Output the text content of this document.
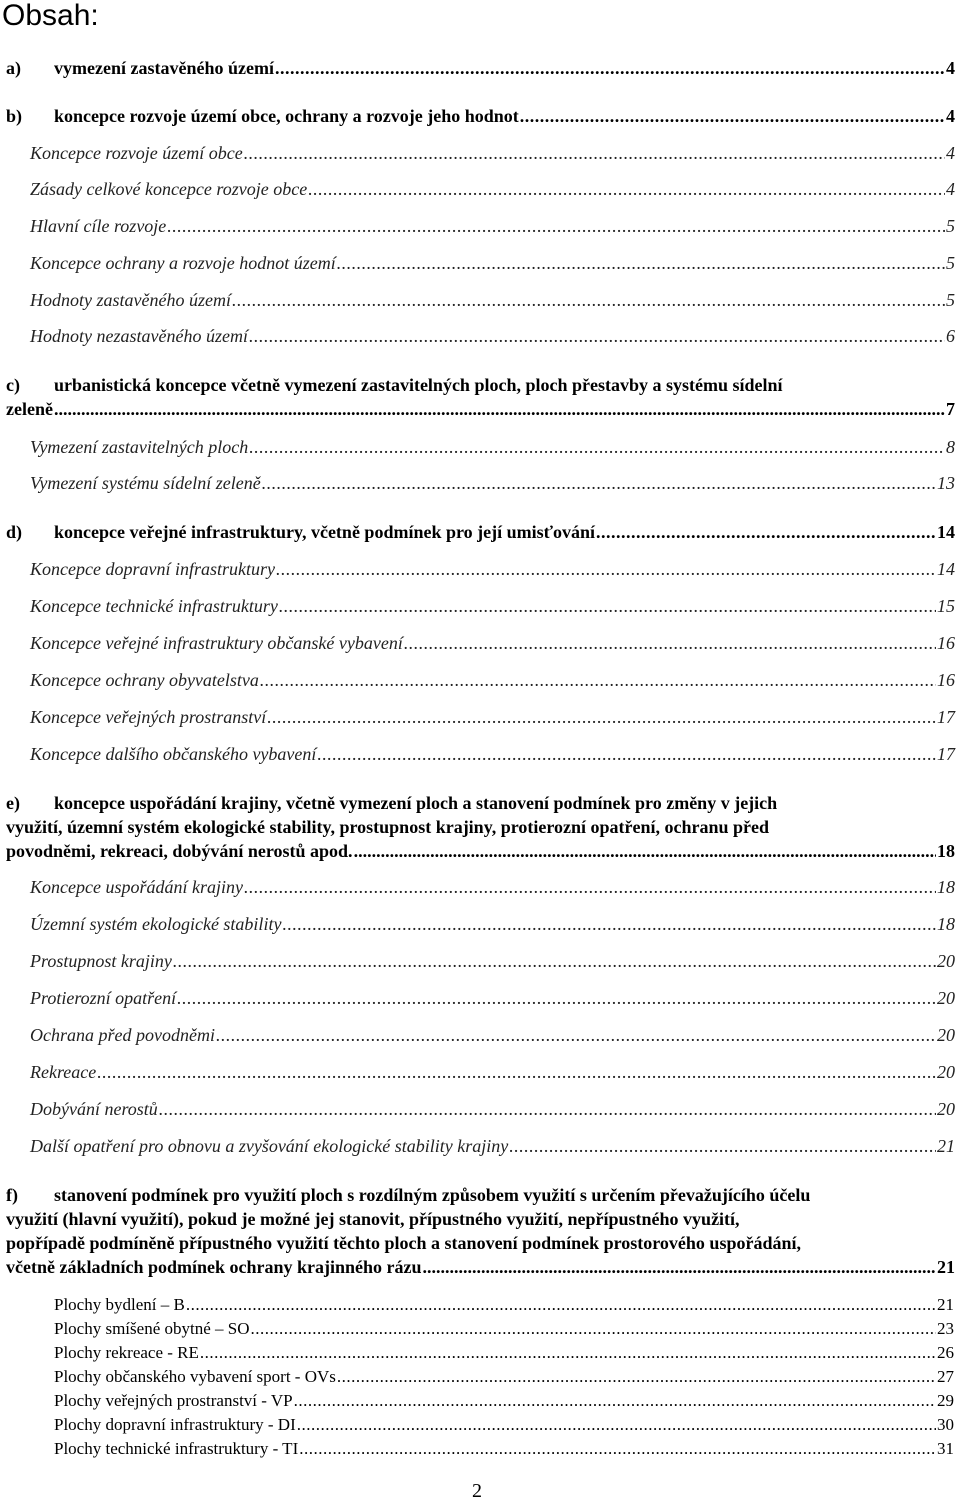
Obsah:
a) vymezení zastavěného území .....	4
b) koncepce rozvoje území obce, ochrany a rozvoje jeho hodnot .....	4
Koncepce rozvoje území obce .....	4
Zásady celkové koncepce rozvoje obce .....	4
Hlavní cíle rozvoje .....	5
Koncepce ochrany a rozvoje hodnot území .....	5
Hodnoty zastavěného území .....	5
Hodnoty nezastavěného území .....	6
c) urbanistická koncepce včetně vymezení zastavitelných ploch, ploch přestavby a systému sídelní
zeleně .....	7
Vymezení zastavitelných ploch .....	8
Vymezení systému sídelní zeleně .....	13
d) koncepce veřejné infrastruktury, včetně podmínek pro její umisťování .....	14
Koncepce dopravní infrastruktury .....	14
Koncepce technické infrastruktury .....	15
Koncepce veřejné infrastruktury občanské vybavení .....	16
Koncepce ochrany obyvatelstva .....	16
Koncepce veřejných prostranství .....	17
Koncepce dalšího občanského vybavení .....	17
e) koncepce uspořádání krajiny, včetně vymezení ploch a stanovení podmínek pro změny v jejich
využití, územní systém ekologické stability, prostupnost krajiny, protierozní opatření, ochranu před
povodněmi, rekreaci, dobývání nerostů apod. .....	18
Koncepce uspořádání krajiny .....	18
Územní systém ekologické stability .....	18
Prostupnost krajiny .....	20
Protierozní opatření .....	20
Ochrana před povodněmi .....	20
Rekreace .....	20
Dobývání nerostů .....	20
Další opatření pro obnovu a zvyšování ekologické stability krajiny .....	21
f) stanovení podmínek pro využití ploch s rozdílným způsobem využití s určením převažujícího účelu
využití (hlavní využití), pokud je možné jej stanovit, přípustného využití, nepřípustného využití,
popřípadě podmíněně přípustného využití těchto ploch a stanovení podmínek prostorového uspořádání,
včetně základních podmínek ochrany krajinného rázu .....	21
Plochy bydlení – B .....	21
Plochy smíšené obytné – SO .....	23
Plochy rekreace - RE .....	26
Plochy občanského vybavení sport - OVs .....	27
Plochy veřejných prostranství - VP .....	29
Plochy dopravní infrastruktury - DI .....	30
Plochy technické infrastruktury - TI .....	31
2
